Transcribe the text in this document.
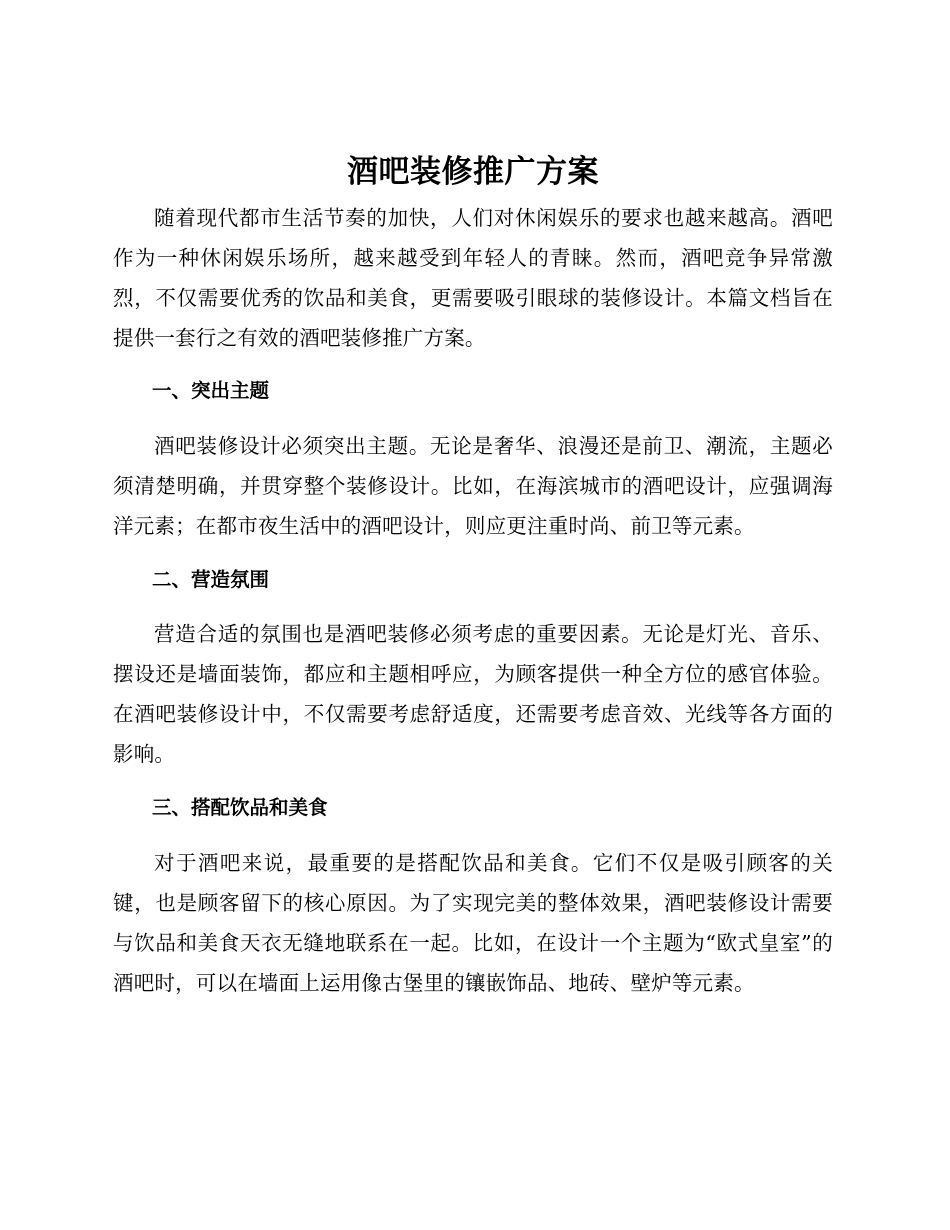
酒吧装修推广方案

随着现代都市生活节奏的加快，人们对休闲娱乐的要求也越来越高。酒吧作为一种休闲娱乐场所，越来越受到年轻人的青睐。然而，酒吧竞争异常激烈，不仅需要优秀的饮品和美食，更需要吸引眼球的装修设计。本篇文档旨在提供一套行之有效的酒吧装修推广方案。

一、突出主题

酒吧装修设计必须突出主题。无论是奢华、浪漫还是前卫、潮流，主题必须清楚明确，并贯穿整个装修设计。比如，在海滨城市的酒吧设计，应强调海洋元素；在都市夜生活中的酒吧设计，则应更注重时尚、前卫等元素。

二、营造氛围

营造合适的氛围也是酒吧装修必须考虑的重要因素。无论是灯光、音乐、摆设还是墙面装饰，都应和主题相呼应，为顾客提供一种全方位的感官体验。在酒吧装修设计中，不仅需要考虑舒适度，还需要考虑音效、光线等各方面的影响。

三、搭配饮品和美食

对于酒吧来说，最重要的是搭配饮品和美食。它们不仅是吸引顾客的关键，也是顾客留下的核心原因。为了实现完美的整体效果，酒吧装修设计需要与饮品和美食天衣无缝地联系在一起。比如，在设计一个主题为“欧式皇室”的酒吧时，可以在墙面上运用像古堡里的镶嵌饰品、地砖、壁炉等元素。
